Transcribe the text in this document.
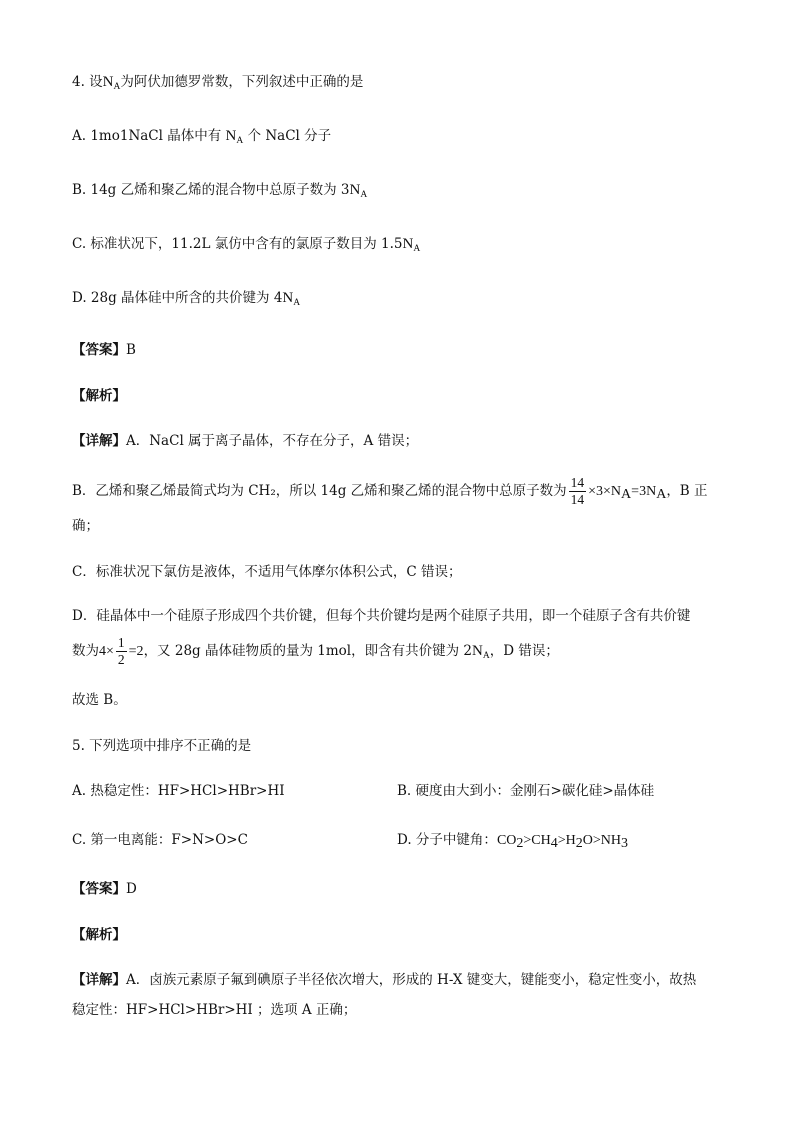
4. 设$N_A$为阿伏加德罗常数，下列叙述中正确的是
A. 1mo1NaCl 晶体中有 $N_A$ 个 NaCl 分子
B. 14g 乙烯和聚乙烯的混合物中总原子数为 $3N_A$
C. 标准状况下，11.2L 氯仿中含有的氯原子数目为 $1.5N_A$
D. 28g 晶体硅中所含的共价键为 $4N_A$
【答案】B
【解析】
【详解】A．NaCl 属于离子晶体，不存在分子，A 错误；
B．乙烯和聚乙烯最简式均为 CH₂，所以 14g 乙烯和聚乙烯的混合物中总原子数为 $\frac{14}{14} \times 3\times NA=3NA$，B 正
确；
C．标准状况下氯仿是液体，不适用气体摩尔体积公式，C 错误；
D．硅晶体中一个硅原子形成四个共价键，但每个共价键均是两个硅原子共用，即一个硅原子含有共价键
数为$4\times \frac{1}{2} =2$，又 28g 晶体硅物质的量为 1mol，即含有共价键为 $2N_A$，D 错误；
故选 B。
5. 下列选项中排序不正确的是
A. 热稳定性：HF>HCl>HBr>HI	B. 硬度由大到小：金刚石>碳化硅>晶体硅
C. 第一电离能：F>N>O>C	D. 分子中键角：CO2>CH4>H2O>NH3
【答案】D
【解析】
【详解】A．卤族元素原子氟到碘原子半径依次增大，形成的 H-X 键变大，键能变小，稳定性变小，故热
稳定性：HF>HCl>HBr>HI ；选项 A 正确；
